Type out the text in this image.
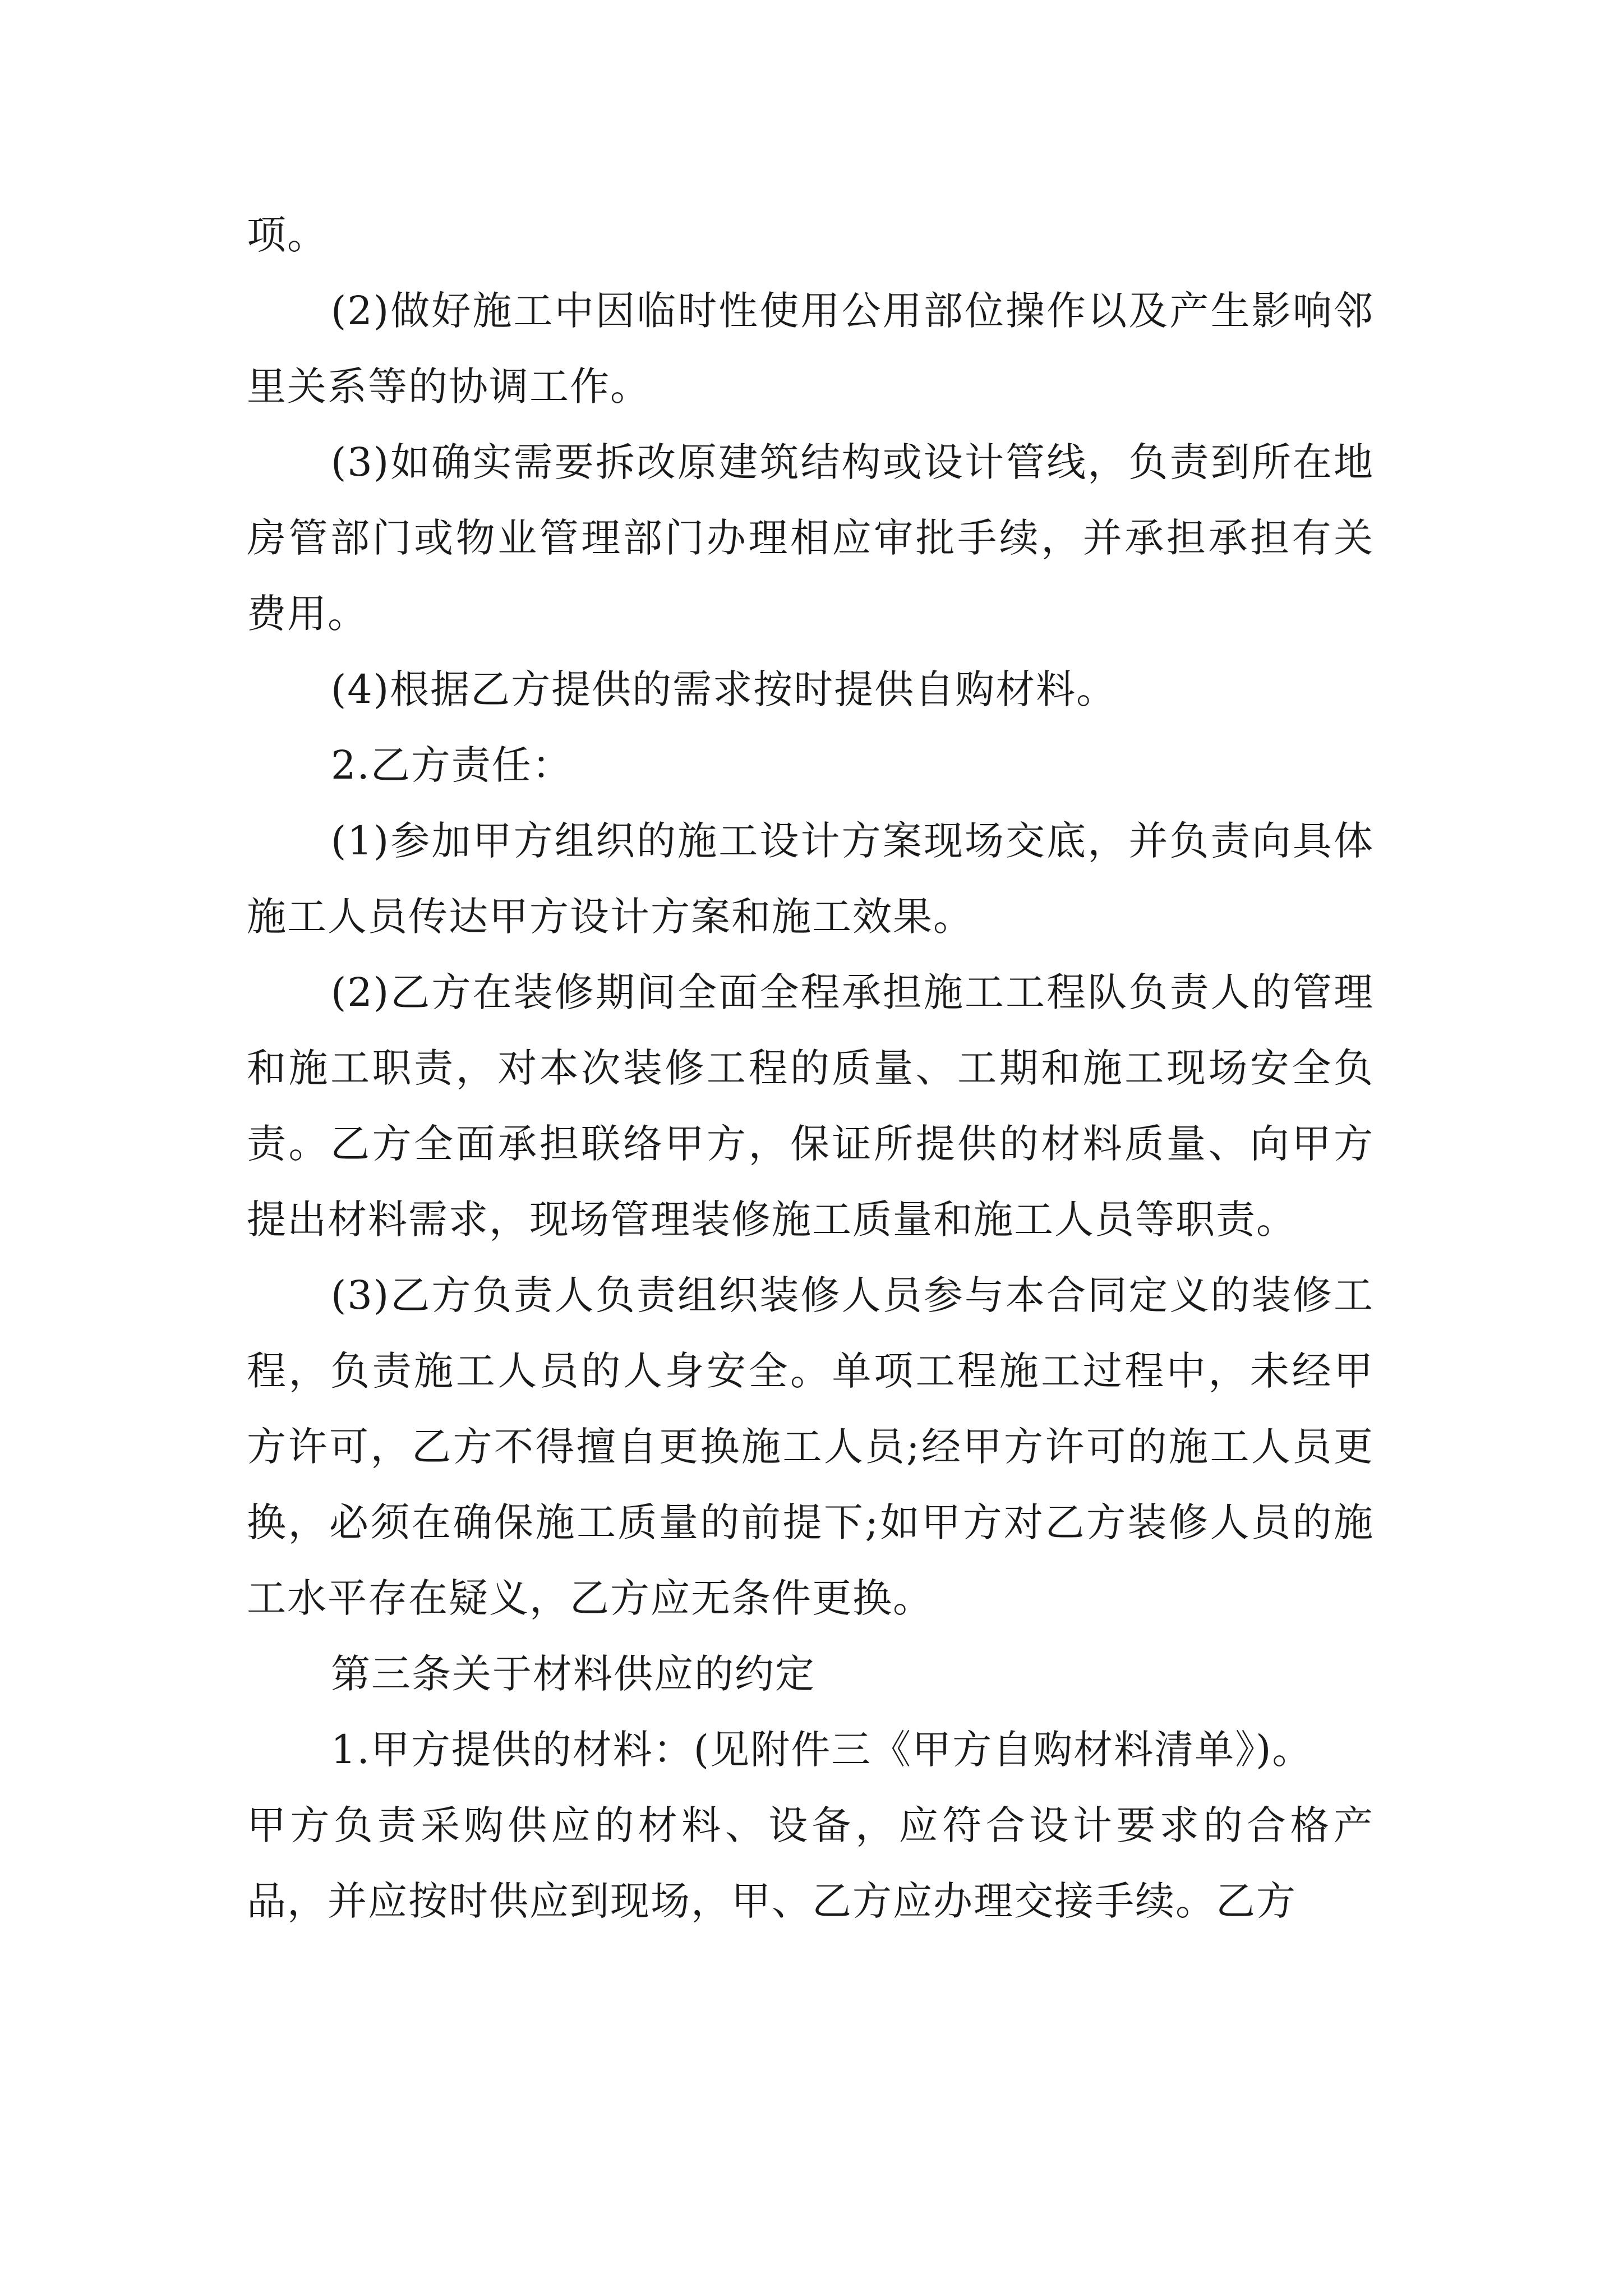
项。

(2)做好施工中因临时性使用公用部位操作以及产生影响邻里关系等的协调工作。

(3)如确实需要拆改原建筑结构或设计管线，负责到所在地房管部门或物业管理部门办理相应审批手续，并承担承担有关费用。

(4)根据乙方提供的需求按时提供自购材料。

2.乙方责任：

(1)参加甲方组织的施工设计方案现场交底，并负责向具体施工人员传达甲方设计方案和施工效果。

(2)乙方在装修期间全面全程承担施工工程队负责人的管理和施工职责，对本次装修工程的质量、工期和施工现场安全负责。乙方全面承担联络甲方，保证所提供的材料质量、向甲方提出材料需求，现场管理装修施工质量和施工人员等职责。

(3)乙方负责人负责组织装修人员参与本合同定义的装修工程，负责施工人员的人身安全。单项工程施工过程中，未经甲方许可，乙方不得擅自更换施工人员;经甲方许可的施工人员更换，必须在确保施工质量的前提下;如甲方对乙方装修人员的施工水平存在疑义，乙方应无条件更换。

第三条关于材料供应的约定

1.甲方提供的材料：(见附件三《甲方自购材料清单》)。

甲方负责采购供应的材料、设备，应符合设计要求的合格产品，并应按时供应到现场，甲、乙方应办理交接手续。乙方
